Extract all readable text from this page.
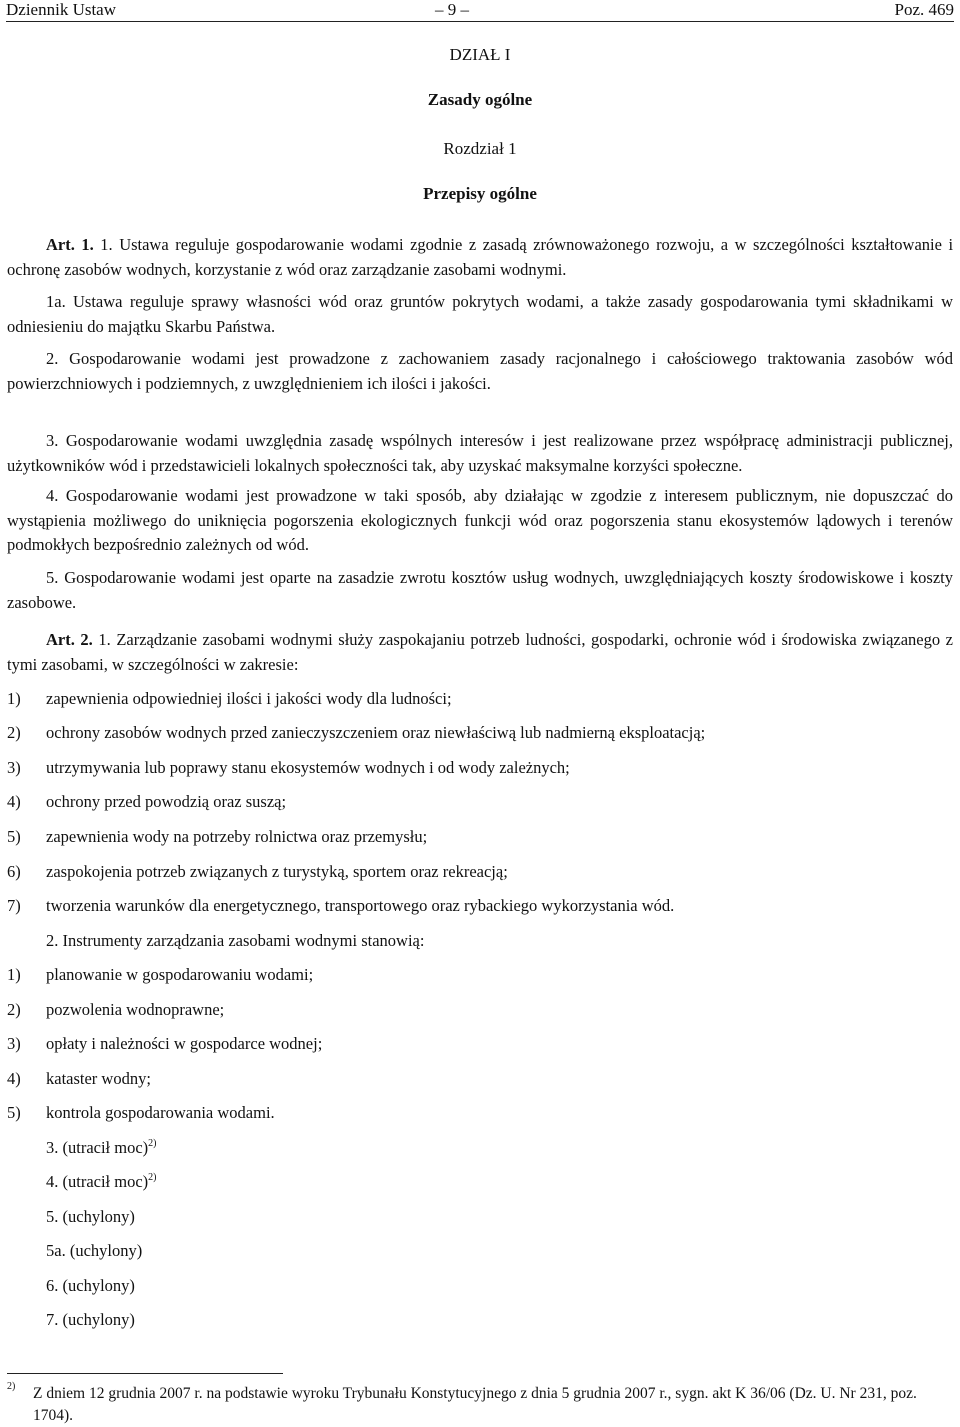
Dziennik Ustaw	– 9 –	Poz. 469
DZIAŁ I
Zasady ogólne
Rozdział 1
Przepisy ogólne

Art. 1. 1. Ustawa reguluje gospodarowanie wodami zgodnie z zasadą zrównoważonego rozwoju, a w szczególności kształtowanie i ochronę zasobów wodnych, korzystanie z wód oraz zarządzanie zasobami wodnymi.

1a. Ustawa reguluje sprawy własności wód oraz gruntów pokrytych wodami, a także zasady gospodarowania tymi składnikami w odniesieniu do majątku Skarbu Państwa.

2. Gospodarowanie wodami jest prowadzone z zachowaniem zasady racjonalnego i całościowego traktowania zasobów wód powierzchniowych i podziemnych, z uwzględnieniem ich ilości i jakości.

3. Gospodarowanie wodami uwzględnia zasadę wspólnych interesów i jest realizowane przez współpracę administracji publicznej, użytkowników wód i przedstawicieli lokalnych społeczności tak, aby uzyskać maksymalne korzyści społeczne.

4. Gospodarowanie wodami jest prowadzone w taki sposób, aby działając w zgodzie z interesem publicznym, nie dopuszczać do wystąpienia możliwego do uniknięcia pogorszenia ekologicznych funkcji wód oraz pogorszenia stanu ekosystemów lądowych i terenów podmokłych bezpośrednio zależnych od wód.

5. Gospodarowanie wodami jest oparte na zasadzie zwrotu kosztów usług wodnych, uwzględniających koszty środowiskowe i koszty zasobowe.

Art. 2. 1. Zarządzanie zasobami wodnymi służy zaspokajaniu potrzeb ludności, gospodarki, ochronie wód i środowiska związanego z tymi zasobami, w szczególności w zakresie:

1) zapewnienia odpowiedniej ilości i jakości wody dla ludności;
2) ochrony zasobów wodnych przed zanieczyszczeniem oraz niewłaściwą lub nadmierną eksploatacją;
3) utrzymywania lub poprawy stanu ekosystemów wodnych i od wody zależnych;
4) ochrony przed powodzią oraz suszą;
5) zapewnienia wody na potrzeby rolnictwa oraz przemysłu;
6) zaspokojenia potrzeb związanych z turystyką, sportem oraz rekreacją;
7) tworzenia warunków dla energetycznego, transportowego oraz rybackiego wykorzystania wód.
2. Instrumenty zarządzania zasobami wodnymi stanowią:
1) planowanie w gospodarowaniu wodami;
2) pozwolenia wodnoprawne;
3) opłaty i należności w gospodarce wodnej;
4) kataster wodny;
5) kontrola gospodarowania wodami.
3. (utracił moc)$^{2)}$
4. (utracił moc)$^{2)}$
5. (uchylony)
5a. (uchylony)
6. (uchylony)
7. (uchylony)
2) Z dniem 12 grudnia 2007 r. na podstawie wyroku Trybunału Konstytucyjnego z dnia 5 grudnia 2007 r., sygn. akt K 36/06 (Dz. U. Nr 231, poz. 1704).
